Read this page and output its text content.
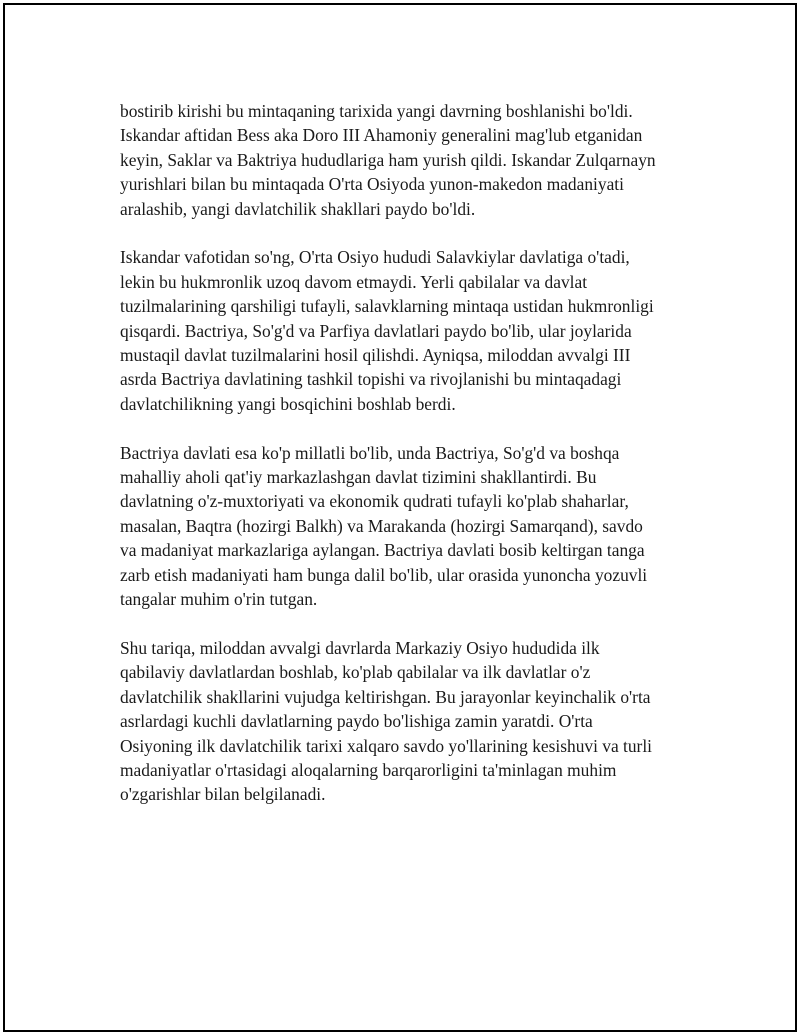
bostirib kirishi bu mintaqaning tarixida yangi davrning boshlanishi bo'ldi.
Iskandar aftidan Bess aka Doro III Ahamoniy generalini mag'lub etganidan
keyin, Saklar va Baktriya hududlariga ham yurish qildi. Iskandar Zulqarnayn
yurishlari bilan bu mintaqada O'rta Osiyoda yunon-makedon madaniyati
aralashib, yangi davlatchilik shakllari paydo bo'ldi.

Iskandar vafotidan so'ng, O'rta Osiyo hududi Salavkiylar davlatiga o'tadi,
lekin bu hukmronlik uzoq davom etmaydi. Yerli qabilalar va davlat
tuzilmalarining qarshiligi tufayli, salavklarning mintaqa ustidan hukmronligi
qisqardi. Bactriya, So'g'd va Parfiya davlatlari paydo bo'lib, ular joylarida
mustaqil davlat tuzilmalarini hosil qilishdi. Ayniqsa, miloddan avvalgi III
asrda Bactriya davlatining tashkil topishi va rivojlanishi bu mintaqadagi
davlatchilikning yangi bosqichini boshlab berdi.

Bactriya davlati esa ko'p millatli bo'lib, unda Bactriya, So'g'd va boshqa
mahalliy aholi qat'iy markazlashgan davlat tizimini shakllantirdi. Bu
davlatning o'z-muxtoriyati va ekonomik qudrati tufayli ko'plab shaharlar,
masalan, Baqtra (hozirgi Balkh) va Marakanda (hozirgi Samarqand), savdo
va madaniyat markazlariga aylangan. Bactriya davlati bosib keltirgan tanga
zarb etish madaniyati ham bunga dalil bo'lib, ular orasida yunoncha yozuvli
tangalar muhim o'rin tutgan.

Shu tariqa, miloddan avvalgi davrlarda Markaziy Osiyo hududida ilk
qabilaviy davlatlardan boshlab, ko'plab qabilalar va ilk davlatlar o'z
davlatchilik shakllarini vujudga keltirishgan. Bu jarayonlar keyinchalik o'rta
asrlardagi kuchli davlatlarning paydo bo'lishiga zamin yaratdi. O'rta
Osiyoning ilk davlatchilik tarixi xalqaro savdo yo'llarining kesishuvi va turli
madaniyatlar o'rtasidagi aloqalarning barqarorligini ta'minlagan muhim
o'zgarishlar bilan belgilanadi.
